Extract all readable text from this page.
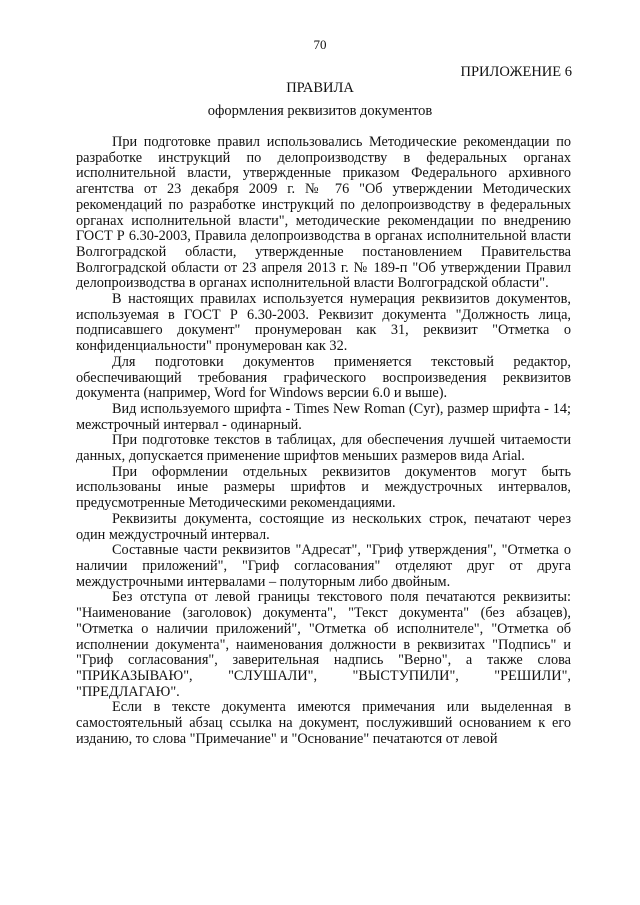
70
ПРИЛОЖЕНИЕ 6
ПРАВИЛА
оформления реквизитов документов

При подготовке правил использовались Методические рекомендации по разработке инструкций по делопроизводству в федеральных органах исполнительной власти, утвержденные приказом Федерального архивного агентства от 23 декабря 2009 г. № 76 "Об утверждении Методических рекомендаций по разработке инструкций по делопроизводству в федеральных органах исполнительной власти", методические рекомендации по внедрению ГОСТ Р 6.30-2003, Правила делопроизводства в органах исполнительной власти Волгоградской области, утвержденные постановлением Правительства Волгоградской области от 23 апреля 2013 г. № 189-п "Об утверждении Правил делопроизводства в органах исполнительной власти Волгоградской области".

В настоящих правилах используется нумерация реквизитов документов, используемая в ГОСТ Р 6.30-2003. Реквизит документа "Должность лица, подписавшего документ" пронумерован как 31, реквизит "Отметка о конфиденциальности" пронумерован как 32.

Для подготовки документов применяется текстовый редактор, обеспечивающий требования графического воспроизведения реквизитов документа (например, Word for Windows версии 6.0 и выше).

Вид используемого шрифта - Times New Roman (Cyr), размер шрифта - 14; межстрочный интервал - одинарный.

При подготовке текстов в таблицах, для обеспечения лучшей читаемости данных, допускается применение шрифтов меньших размеров вида Arial.

При оформлении отдельных реквизитов документов могут быть использованы иные размеры шрифтов и междустрочных интервалов, предусмотренные Методическими рекомендациями.

Реквизиты документа, состоящие из нескольких строк, печатают через один междустрочный интервал.

Составные части реквизитов "Адресат", "Гриф утверждения", "Отметка о наличии приложений", "Гриф согласования" отделяют друг от друга междустрочными интервалами – полуторным либо двойным.

Без отступа от левой границы текстового поля печатаются реквизиты: "Наименование (заголовок) документа", "Текст документа" (без абзацев), "Отметка о наличии приложений", "Отметка об исполнителе", "Отметка об исполнении документа", наименования должности в реквизитах "Подпись" и "Гриф согласования", заверительная надпись "Верно", а также слова "ПРИКАЗЫВАЮ", "СЛУШАЛИ", "ВЫСТУПИЛИ", "РЕШИЛИ", "ПРЕДЛАГАЮ".

Если в тексте документа имеются примечания или выделенная в самостоятельный абзац ссылка на документ, послуживший основанием к его изданию, то слова "Примечание" и "Основание" печатаются от левой
